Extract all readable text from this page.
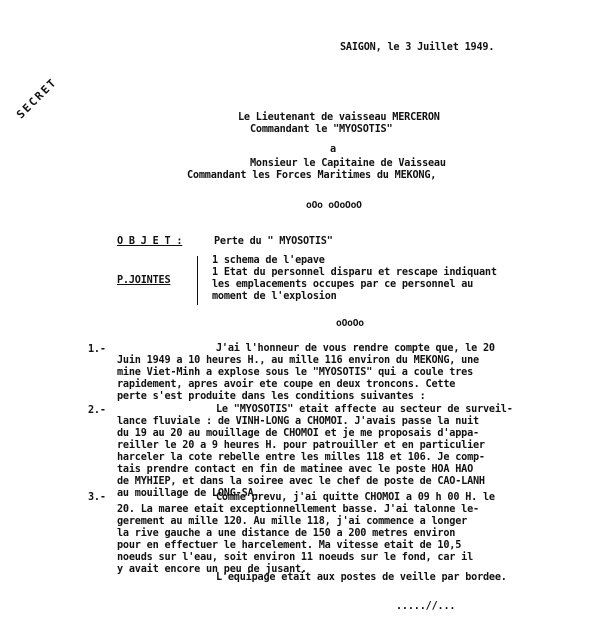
SAIGON, le 3 Juillet 1949.
SECRET	Le Lieutenant de vaisseau MERCERON
Commandant le "MYOSOTIS"
a
Monsieur le Capitaine de Vaisseau
Commandant les Forces Maritimes du MEKONG,
oOo oOoOoO
O B J E T :	Perte du " MYOSOTIS"
P.JOINTES
1 schema de l'epave
1 Etat du personnel disparu et rescape indiquant
les emplacements occupes par ce personnel au
moment de l'explosion
oOoOo
1.-	J'ai l'honneur de vous rendre compte que, le 20
Juin 1949 a 10 heures H., au mille 116 environ du MEKONG, une
mine Viet-Minh a explose sous le "MYOSOTIS" qui a coule tres
rapidement, apres avoir ete coupe en deux troncons. Cette
perte s'est produite dans les conditions suivantes :
2.-	Le "MYOSOTIS" etait affecte au secteur de surveil-
lance fluviale : de VINH-LONG a CHOMOI. J'avais passe la nuit
du 19 au 20 au mouillage de CHOMOI et je me proposais d'appa-
reiller le 20 a 9 heures H. pour patrouiller et en particulier
harceler la cote rebelle entre les milles 118 et 106. Je comp-
tais prendre contact en fin de matinee avec le poste HOA HAO
de MYHIEP, et dans la soiree avec le chef de poste de CAO-LANH
au mouillage de LONG-SA.
3.-	Comme prevu, j'ai quitte CHOMOI a 09 h 00 H. le
20. La maree etait exceptionnellement basse. J'ai talonne le-
gerement au mille 120. Au mille 118, j'ai commence a longer
la rive gauche a une distance de 150 a 200 metres environ
pour en effectuer le harcelement. Ma vitesse etait de 10,5
noeuds sur l'eau, soit environ 11 noeuds sur le fond, car il
y avait encore un peu de jusant.
L'equipage etait aux postes de veille par bordee.
.....//...
